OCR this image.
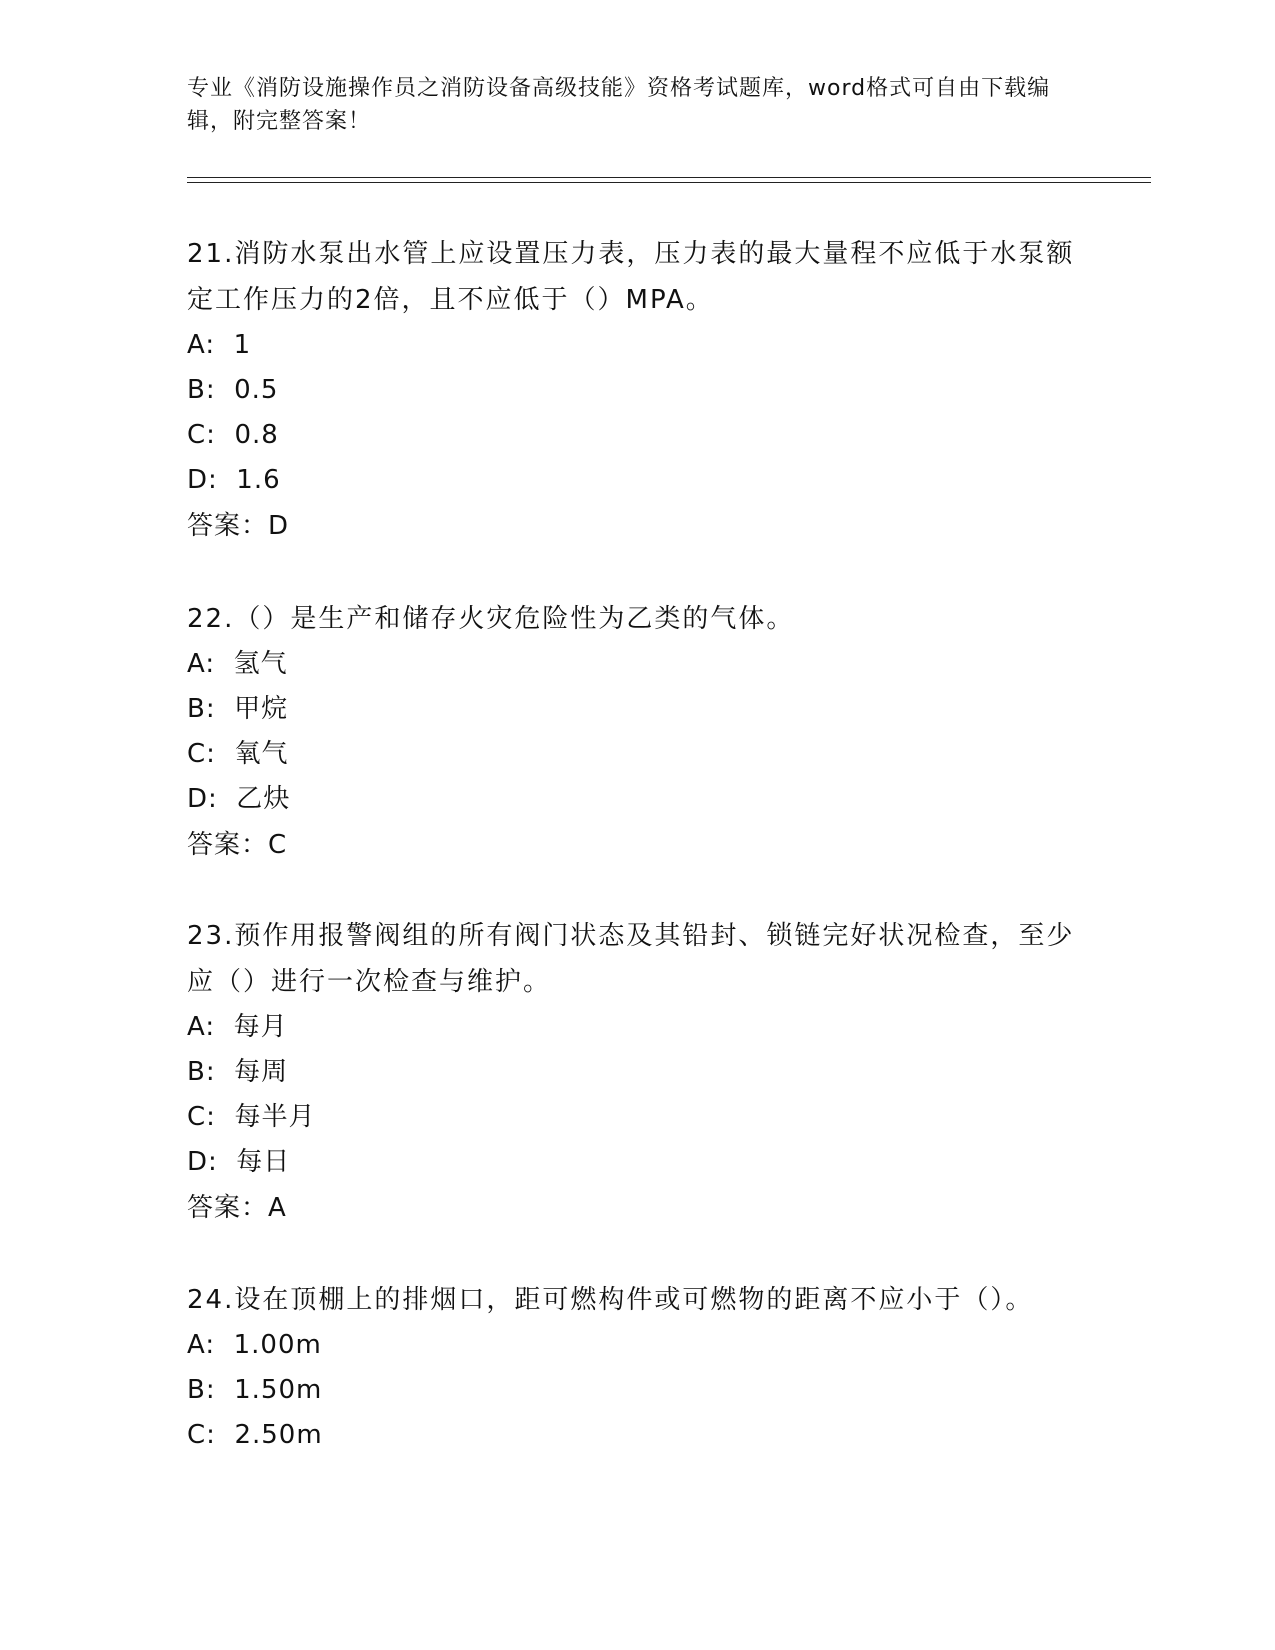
专业《消防设施操作员之消防设备高级技能》资格考试题库，word格式可自由下载编辑，附完整答案！

21.消防水泵出水管上应设置压力表，压力表的最大量程不应低于水泵额定工作压力的2倍，且不应低于（）MPA。

A:  1

B:  0.5

C:  0.8

D:  1.6

答案：D

22.（）是生产和储存火灾危险性为乙类的气体。

A:  氢气

B:  甲烷

C:  氧气

D:  乙炔

答案：C

23.预作用报警阀组的所有阀门状态及其铅封、锁链完好状况检查，至少应（）进行一次检查与维护。

A:  每月

B:  每周

C:  每半月

D:  每日

答案：A

24.设在顶棚上的排烟口，距可燃构件或可燃物的距离不应小于（）。

A:  1.00m

B:  1.50m

C:  2.50m
